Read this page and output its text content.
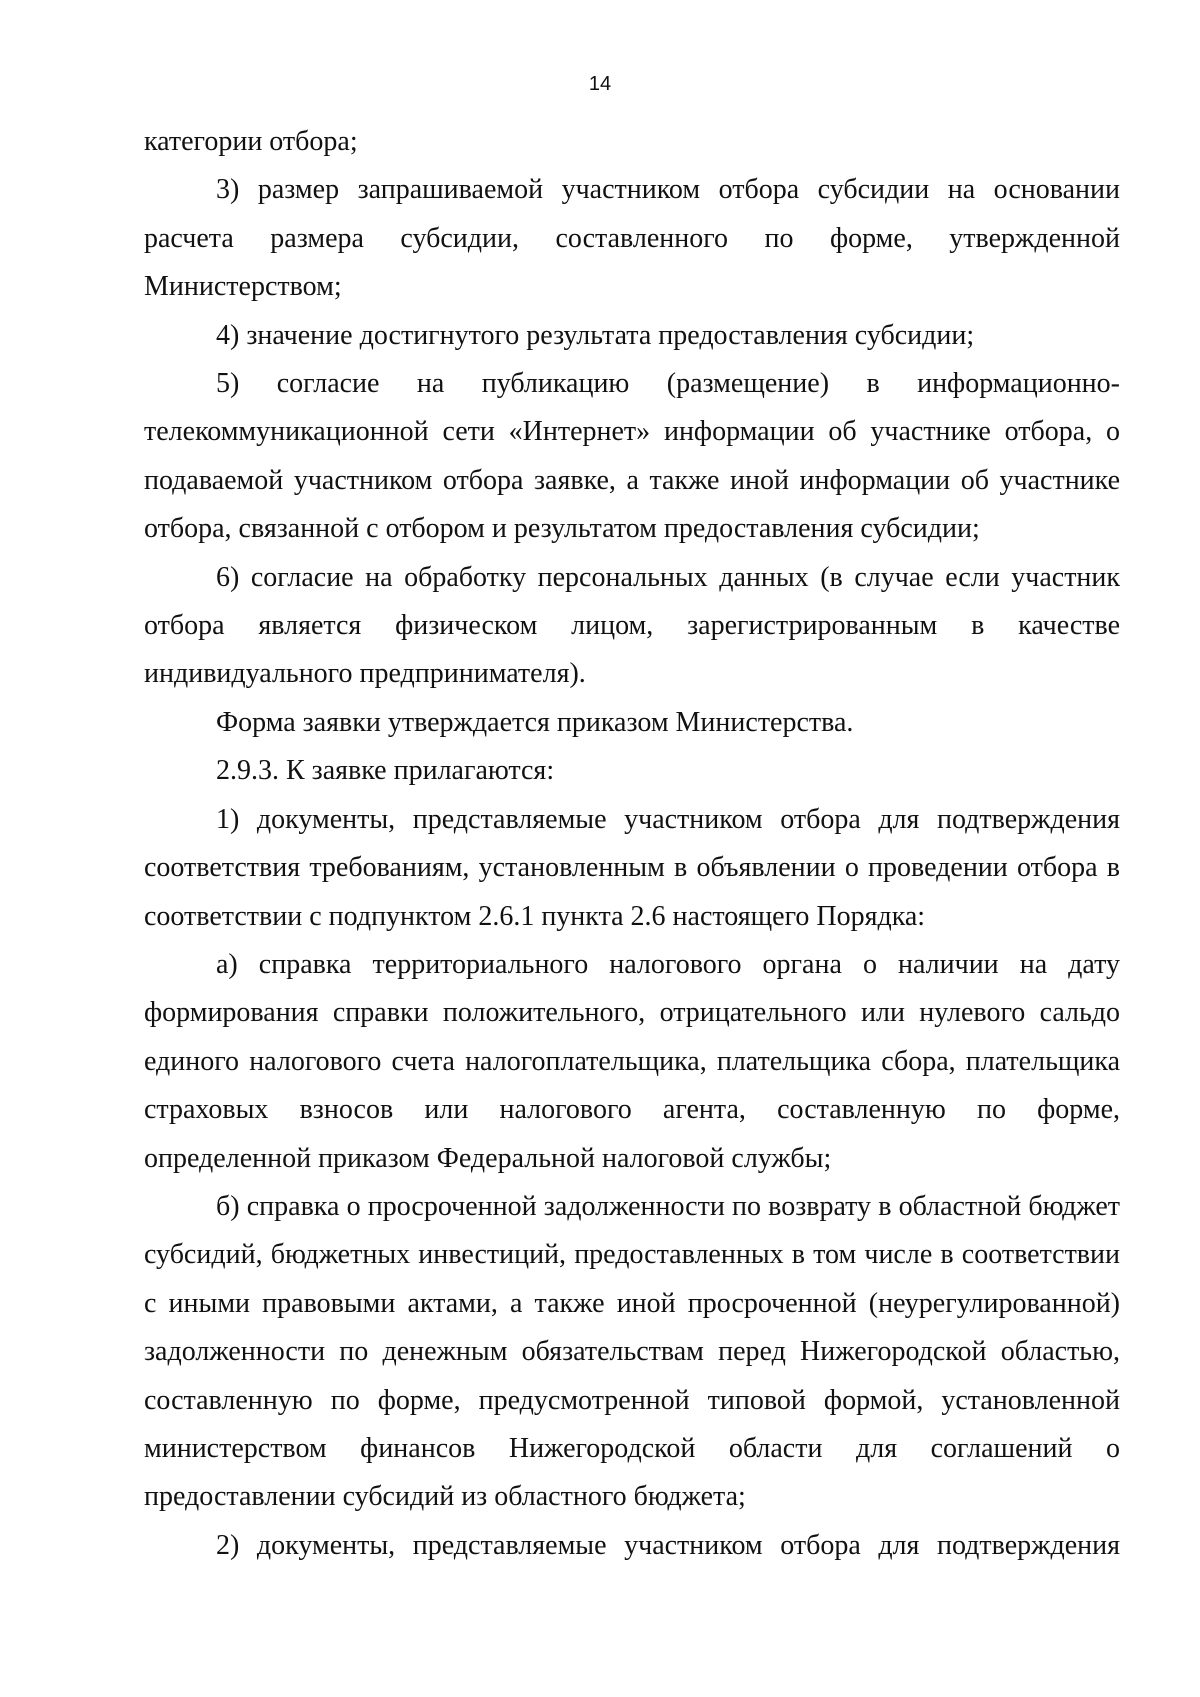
14

категории отбора;

3) размер запрашиваемой участником отбора субсидии на основании расчета размера субсидии, составленного по форме, утвержденной Министерством;

4) значение достигнутого результата предоставления субсидии;

5) согласие на публикацию (размещение) в информационно-телекоммуникационной сети «Интернет» информации об участнике отбора, о подаваемой участником отбора заявке, а также иной информации об участнике отбора, связанной с отбором и результатом предоставления субсидии;

6) согласие на обработку персональных данных (в случае если участник отбора является физическом лицом, зарегистрированным в качестве индивидуального предпринимателя).

Форма заявки утверждается приказом Министерства.

2.9.3. К заявке прилагаются:

1) документы, представляемые участником отбора для подтверждения соответствия требованиям, установленным в объявлении о проведении отбора в соответствии с подпунктом 2.6.1 пункта 2.6 настоящего Порядка:

а) справка территориального налогового органа о наличии на дату формирования справки положительного, отрицательного или нулевого сальдо единого налогового счета налогоплательщика, плательщика сбора, плательщика страховых взносов или налогового агента, составленную по форме, определенной приказом Федеральной налоговой службы;

б) справка о просроченной задолженности по возврату в областной бюджет субсидий, бюджетных инвестиций, предоставленных в том числе в соответствии с иными правовыми актами, а также иной просроченной (неурегулированной) задолженности по денежным обязательствам перед Нижегородской областью, составленную по форме, предусмотренной типовой формой, установленной министерством финансов Нижегородской области для соглашений о предоставлении субсидий из областного бюджета;

2) документы, представляемые участником отбора для подтверждения
